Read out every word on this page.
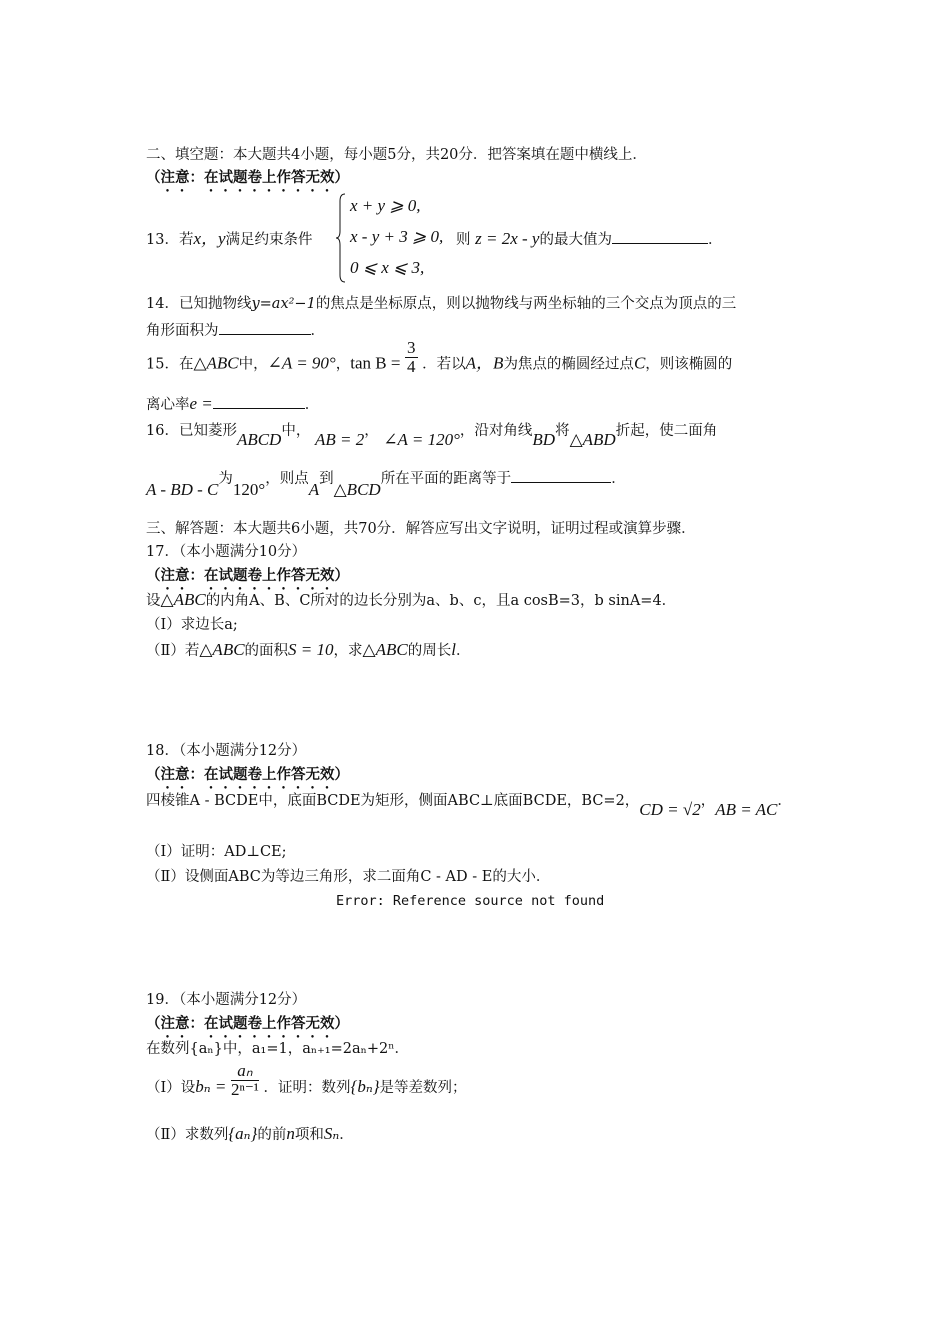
二、填空题：本大题共4小题，每小题5分，共20分．把答案填在题中横线上．
（注意：在试题卷上作答无效）
13．若x，y满足约束条件
x + y ⩾ 0,
x - y + 3 ⩾ 0,
0 ⩽ x ⩽ 3,
则 z = 2x - y的最大值为	．
14．已知抛物线y=ax²−1的焦点是坐标原点，则以抛物线与两坐标轴的三个交点为顶点的三
角形面积为	．
15．在△ABC中，∠A = 90°，$\tan B = \frac{3}{4}$ ．若以A，B为焦点的椭圆经过点C，则该椭圆的
离心率e =	．
16．已知菱形ABCD中， AB = 2， ∠A = 120°，沿对角线BD将△ABD折起，使二面角
A - BD - C为120°，则点A到△BCD所在平面的距离等于	．
三、解答题：本大题共6小题，共70分．解答应写出文字说明，证明过程或演算步骤．
17．（本小题满分10分）
（注意：在试题卷上作答无效）
设△ABC的内角A、B、C所对的边长分别为a、b、c，且a cosB=3，b sinA=4．
（Ⅰ）求边长a;
（Ⅱ）若△ABC的面积S = 10，求△ABC的周长l．
18．（本小题满分12分）
（注意：在试题卷上作答无效）
四棱锥A - BCDE中，底面BCDE为矩形，侧面ABC⊥底面BCDE，BC=2，CD = √2，AB = AC．
（Ⅰ）证明：AD⊥CE;
（Ⅱ）设侧面ABC为等边三角形，求二面角C - AD - E的大小．
Error: Reference source not found
19．（本小题满分12分）
（注意：在试题卷上作答无效）
在数列{aₙ}中，a₁=1，aₙ₊₁=2aₙ+2ⁿ．
（Ⅰ）设$b_n = \frac{\text{aₙ}}{\text{2ⁿ⁻¹}}$ ．证明：数列{bₙ}是等差数列；
（Ⅱ）求数列{aₙ}的前n项和Sₙ．
